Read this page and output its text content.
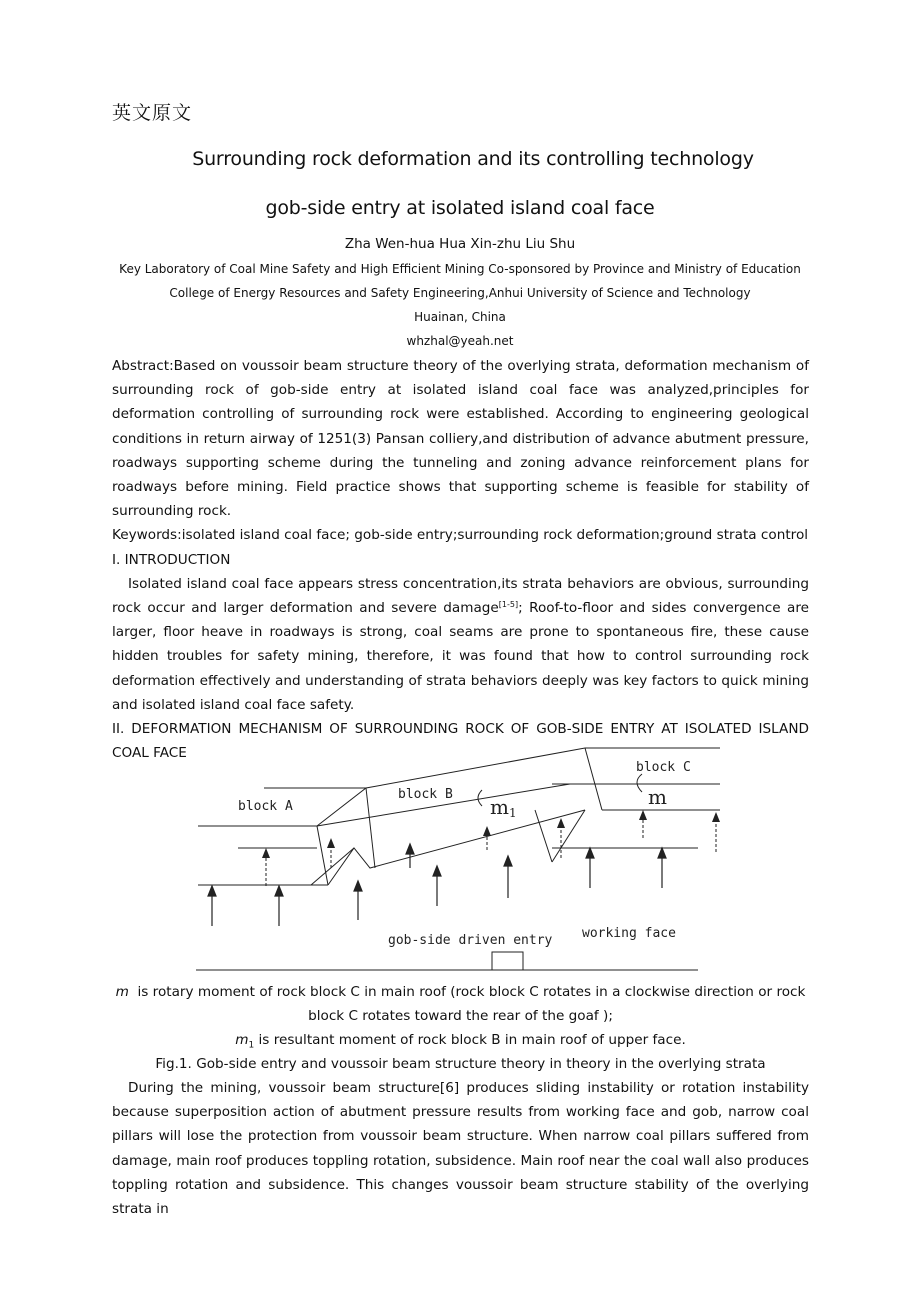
英文原文
Surrounding rock deformation and its controlling technology
gob-side entry at isolated island coal face
Zha Wen-hua Hua Xin-zhu Liu Shu
Key Laboratory of Coal Mine Safety and High Efficient Mining Co-sponsored by Province and Ministry of Education
College of Energy Resources and Safety Engineering,Anhui University of Science and Technology
Huainan, China
whzhal@yeah.net

Abstract:Based on voussoir beam structure theory of the overlying strata, deformation mechanism of surrounding rock of gob-side entry at isolated island coal face was analyzed,principles for deformation controlling of surrounding rock were established. According to engineering geological conditions in return airway of 1251(3) Pansan colliery,and distribution of advance abutment pressure, roadways supporting scheme during the tunneling and zoning advance reinforcement plans for roadways before mining. Field practice shows that supporting scheme is feasible for stability of surrounding rock.

Keywords:isolated island coal face; gob-side entry;surrounding rock deformation;ground strata control

I. INTRODUCTION

Isolated island coal face appears stress concentration,its strata behaviors are obvious, surrounding rock occur and larger deformation and severe damage[1-5]; Roof-to-floor and sides convergence are larger, floor heave in roadways is strong, coal seams are prone to spontaneous fire, these cause hidden troubles for safety mining, therefore, it was found that how to control surrounding rock deformation effectively and understanding of strata behaviors deeply was key factors to quick mining and isolated island coal face safety.

II. DEFORMATION MECHANISM OF SURROUNDING ROCK OF GOB-SIDE ENTRY AT ISOLATED ISLAND COAL FACE

block A
block B
block C
m1
m
gob-side driven entry working face
m is rotary moment of rock block C in main roof (rock block C rotates in a clockwise direction or rock block C rotates toward the rear of the goaf );
$m_1$ is resultant moment of rock block B in main roof of upper face.
Fig.1. Gob-side entry and voussoir beam structure theory in theory in the overlying strata

During the mining, voussoir beam structure[6] produces sliding instability or rotation instability because superposition action of abutment pressure results from working face and gob, narrow coal pillars will lose the protection from voussoir beam structure. When narrow coal pillars suffered from damage, main roof produces toppling rotation, subsidence. Main roof near the coal wall also produces toppling rotation and subsidence. This changes voussoir beam structure stability of the overlying strata in
